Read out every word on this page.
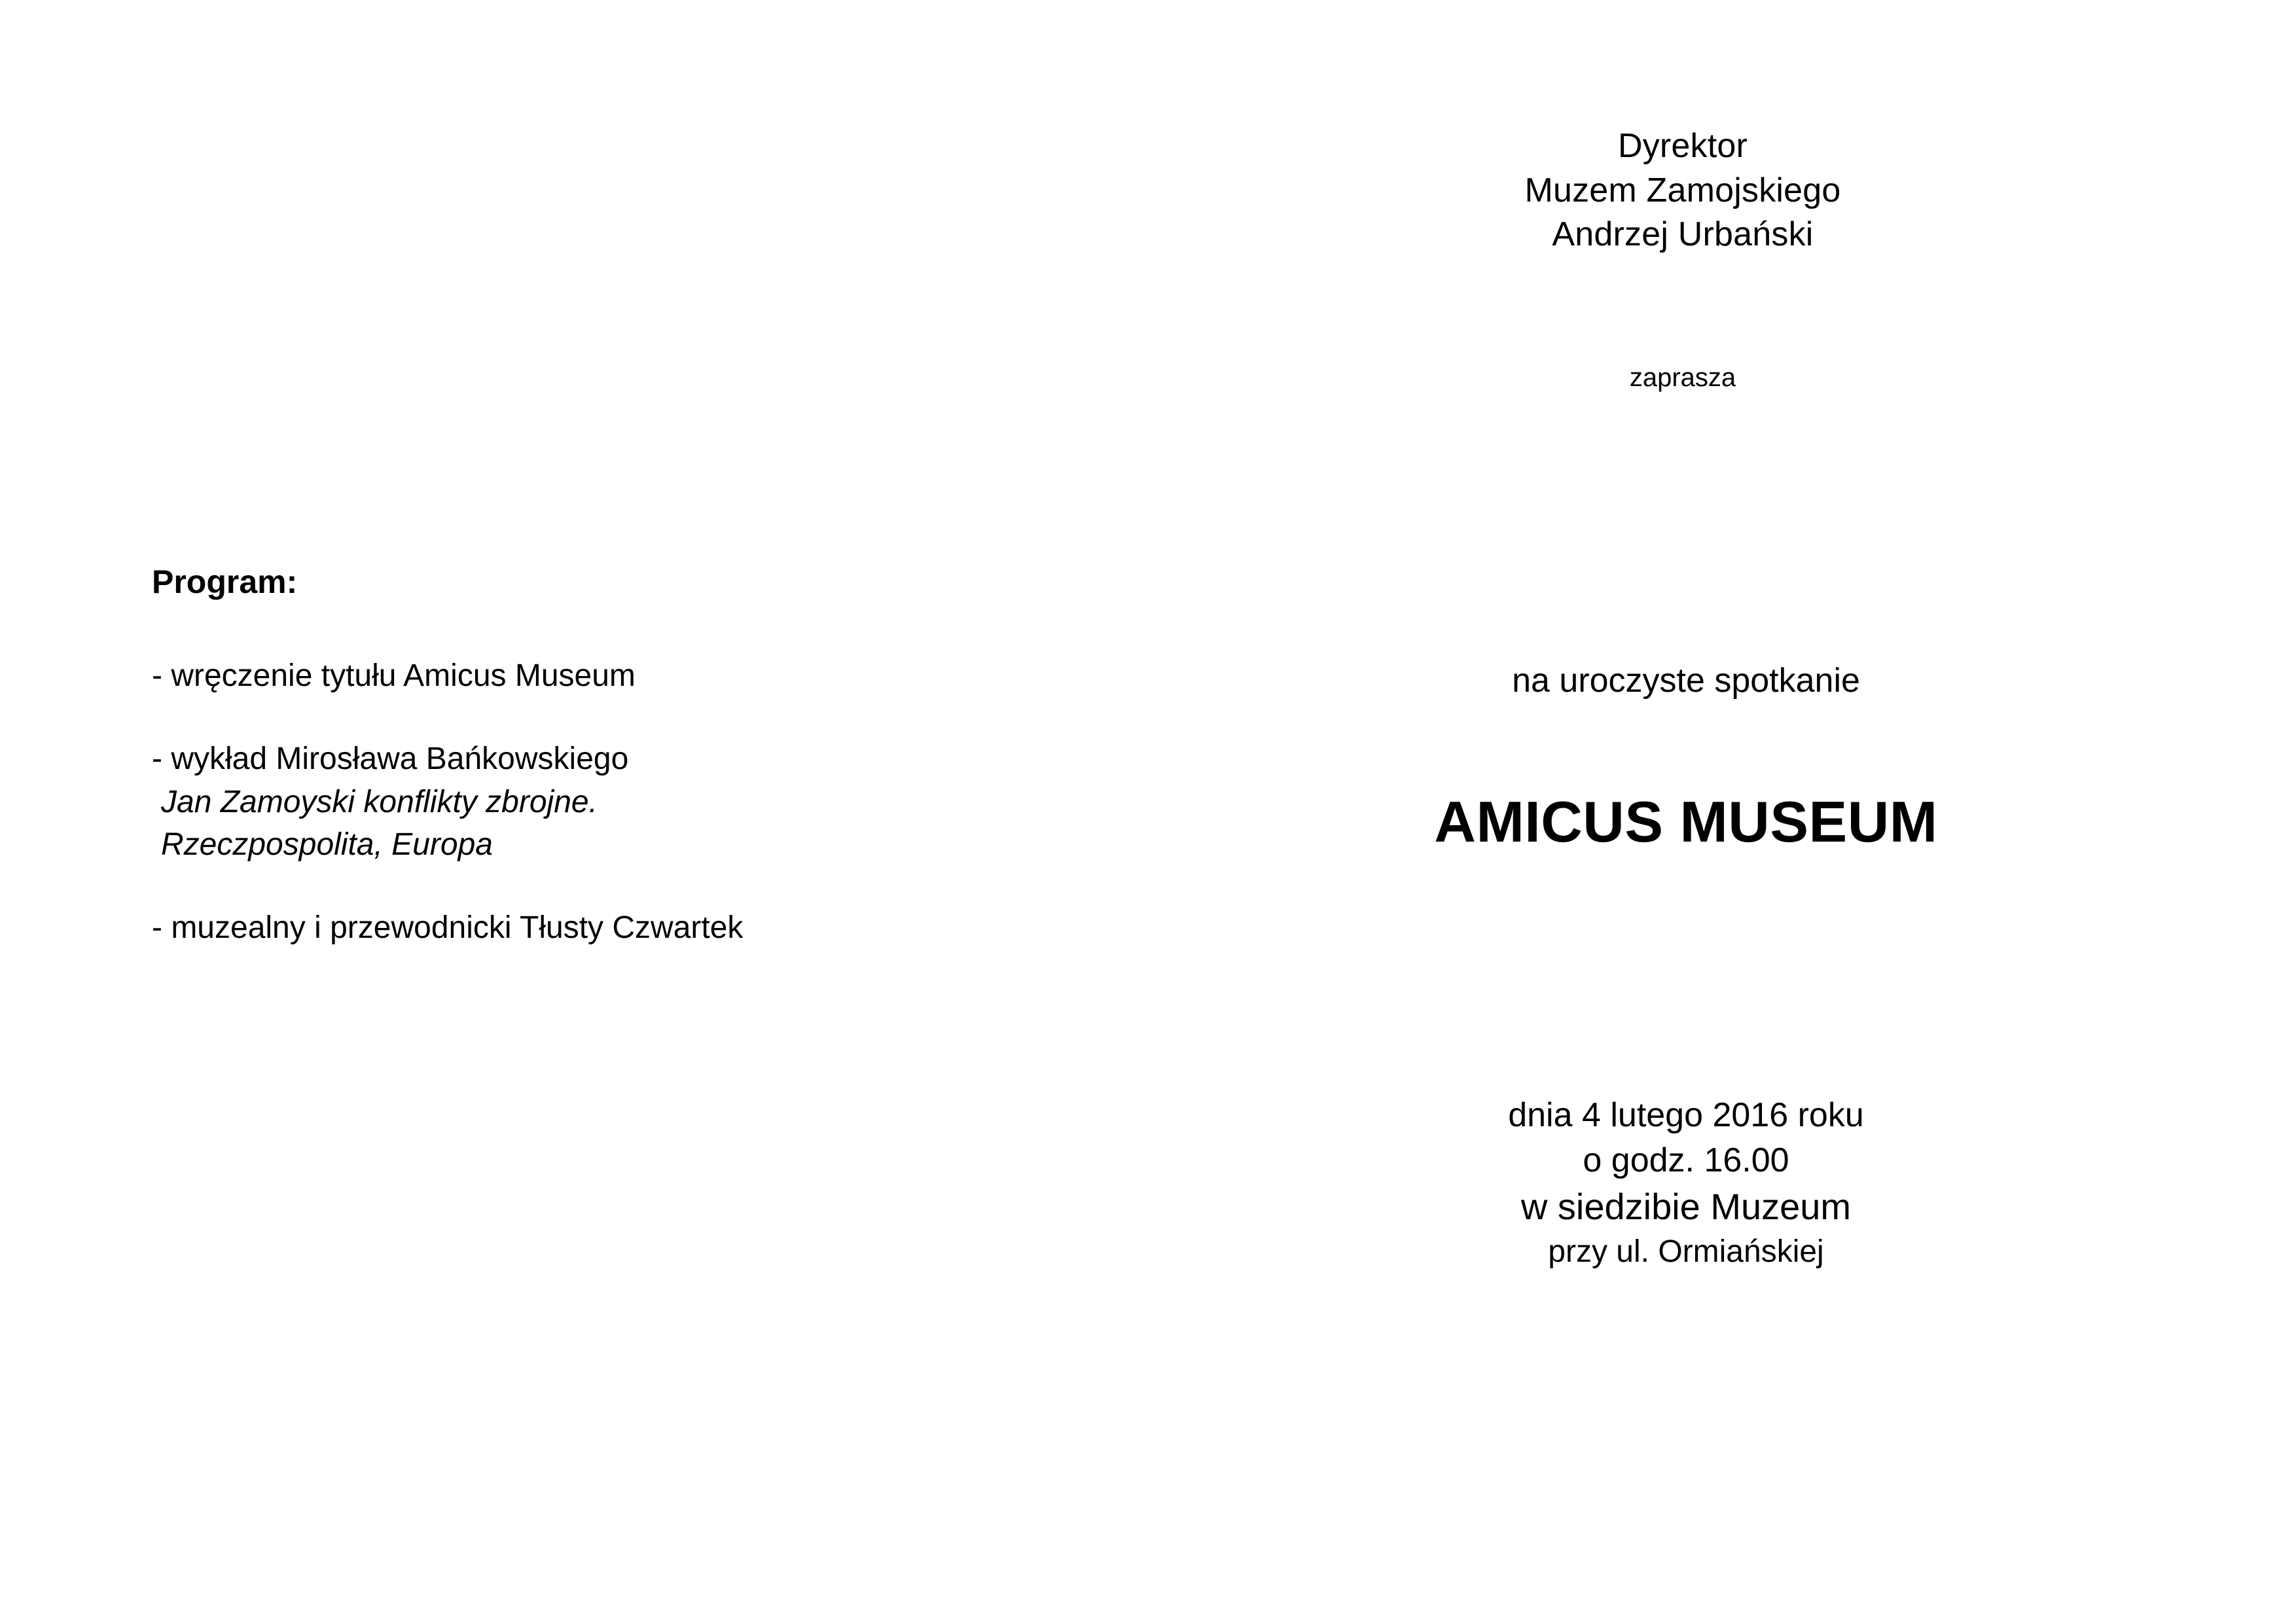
Program:
- wręczenie tytułu Amicus Museum
- wykład Mirosława Bańkowskiego
Jan Zamoyski konflikty zbrojne.
Rzeczpospolita, Europa
- muzealny i przewodnicki Tłusty Czwartek
Dyrektor
Muzem Zamojskiego
Andrzej Urbański
zaprasza
na uroczyste spotkanie
AMICUS MUSEUM
dnia 4 lutego 2016 roku
o godz. 16.00
w siedzibie Muzeum
przy ul. Ormiańskiej
